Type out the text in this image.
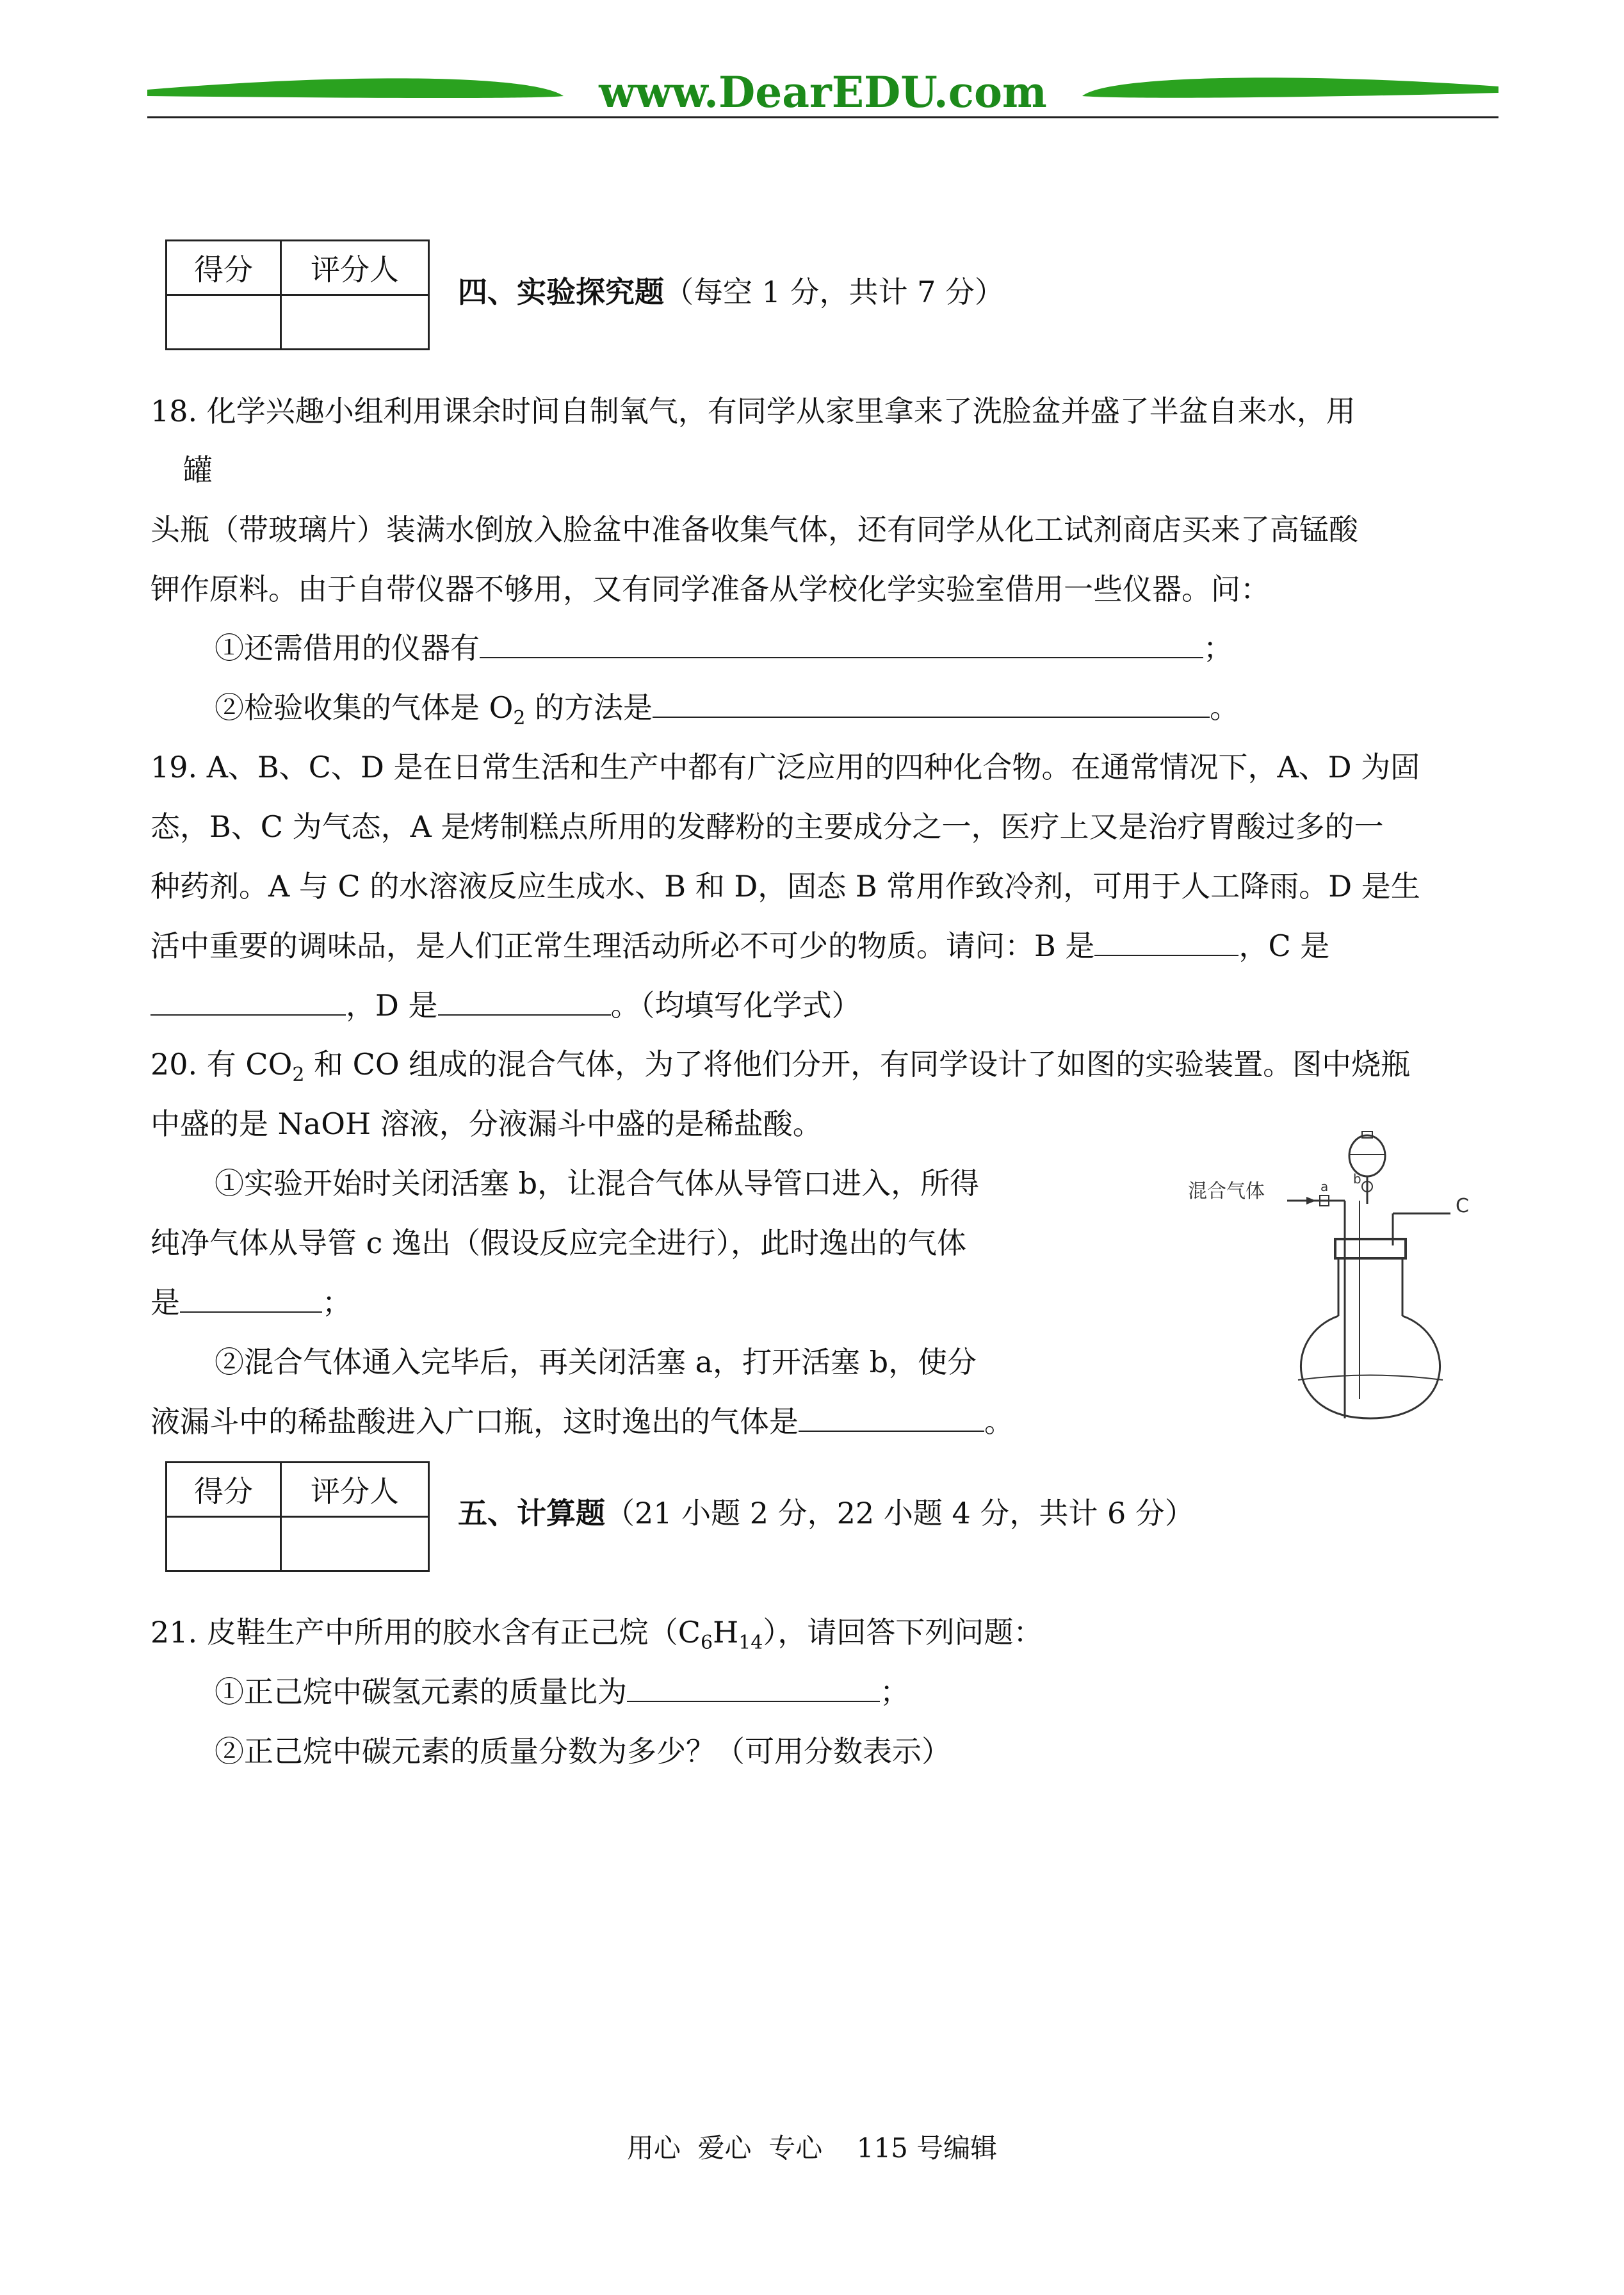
www.DearEDU.com
得分	评分人

四、实验探究题（每空 1 分，共计 7 分）
18. 化学兴趣小组利用课余时间自制氧气，有同学从家里拿来了洗脸盆并盛了半盆自来水，用
罐
头瓶（带玻璃片）装满水倒放入脸盆中准备收集气体，还有同学从化工试剂商店买来了高锰酸
钾作原料。由于自带仪器不够用，又有同学准备从学校化学实验室借用一些仪器。问：
①还需借用的仪器有	；
②检验收集的气体是 $O_2$ 的方法是	。
19. A、B、C、D 是在日常生活和生产中都有广泛应用的四种化合物。在通常情况下，A、D 为固
态，B、C 为气态，A 是烤制糕点所用的发酵粉的主要成分之一，医疗上又是治疗胃酸过多的一
种药剂。A 与 C 的水溶液反应生成水、B 和 D，固态 B 常用作致冷剂，可用于人工降雨。D 是生
活中重要的调味品，是人们正常生理活动所必不可少的物质。请问：B 是	，C 是
，D 是	。（均填写化学式）
20. 有 $CO_2$ 和 CO 组成的混合气体，为了将他们分开，有同学设计了如图的实验装置。图中烧瓶
中盛的是 NaOH 溶液，分液漏斗中盛的是稀盐酸。
①实验开始时关闭活塞 b，让混合气体从导管口进入，所得
纯净气体从导管 c 逸出（假设反应完全进行），此时逸出的气体
是	；
②混合气体通入完毕后，再关闭活塞 a，打开活塞 b，使分
液漏斗中的稀盐酸进入广口瓶，这时逸出的气体是	。
混合气体	a b
C
得分	评分人

五、计算题（21 小题 2 分，22 小题 4 分，共计 6 分）
21. 皮鞋生产中所用的胶水含有正己烷$(C_6H_{14})$，请回答下列问题：
①正己烷中碳氢元素的质量比为	；
②正己烷中碳元素的质量分数为多少？（可用分数表示）
用心  爱心  专心    115 号编辑
